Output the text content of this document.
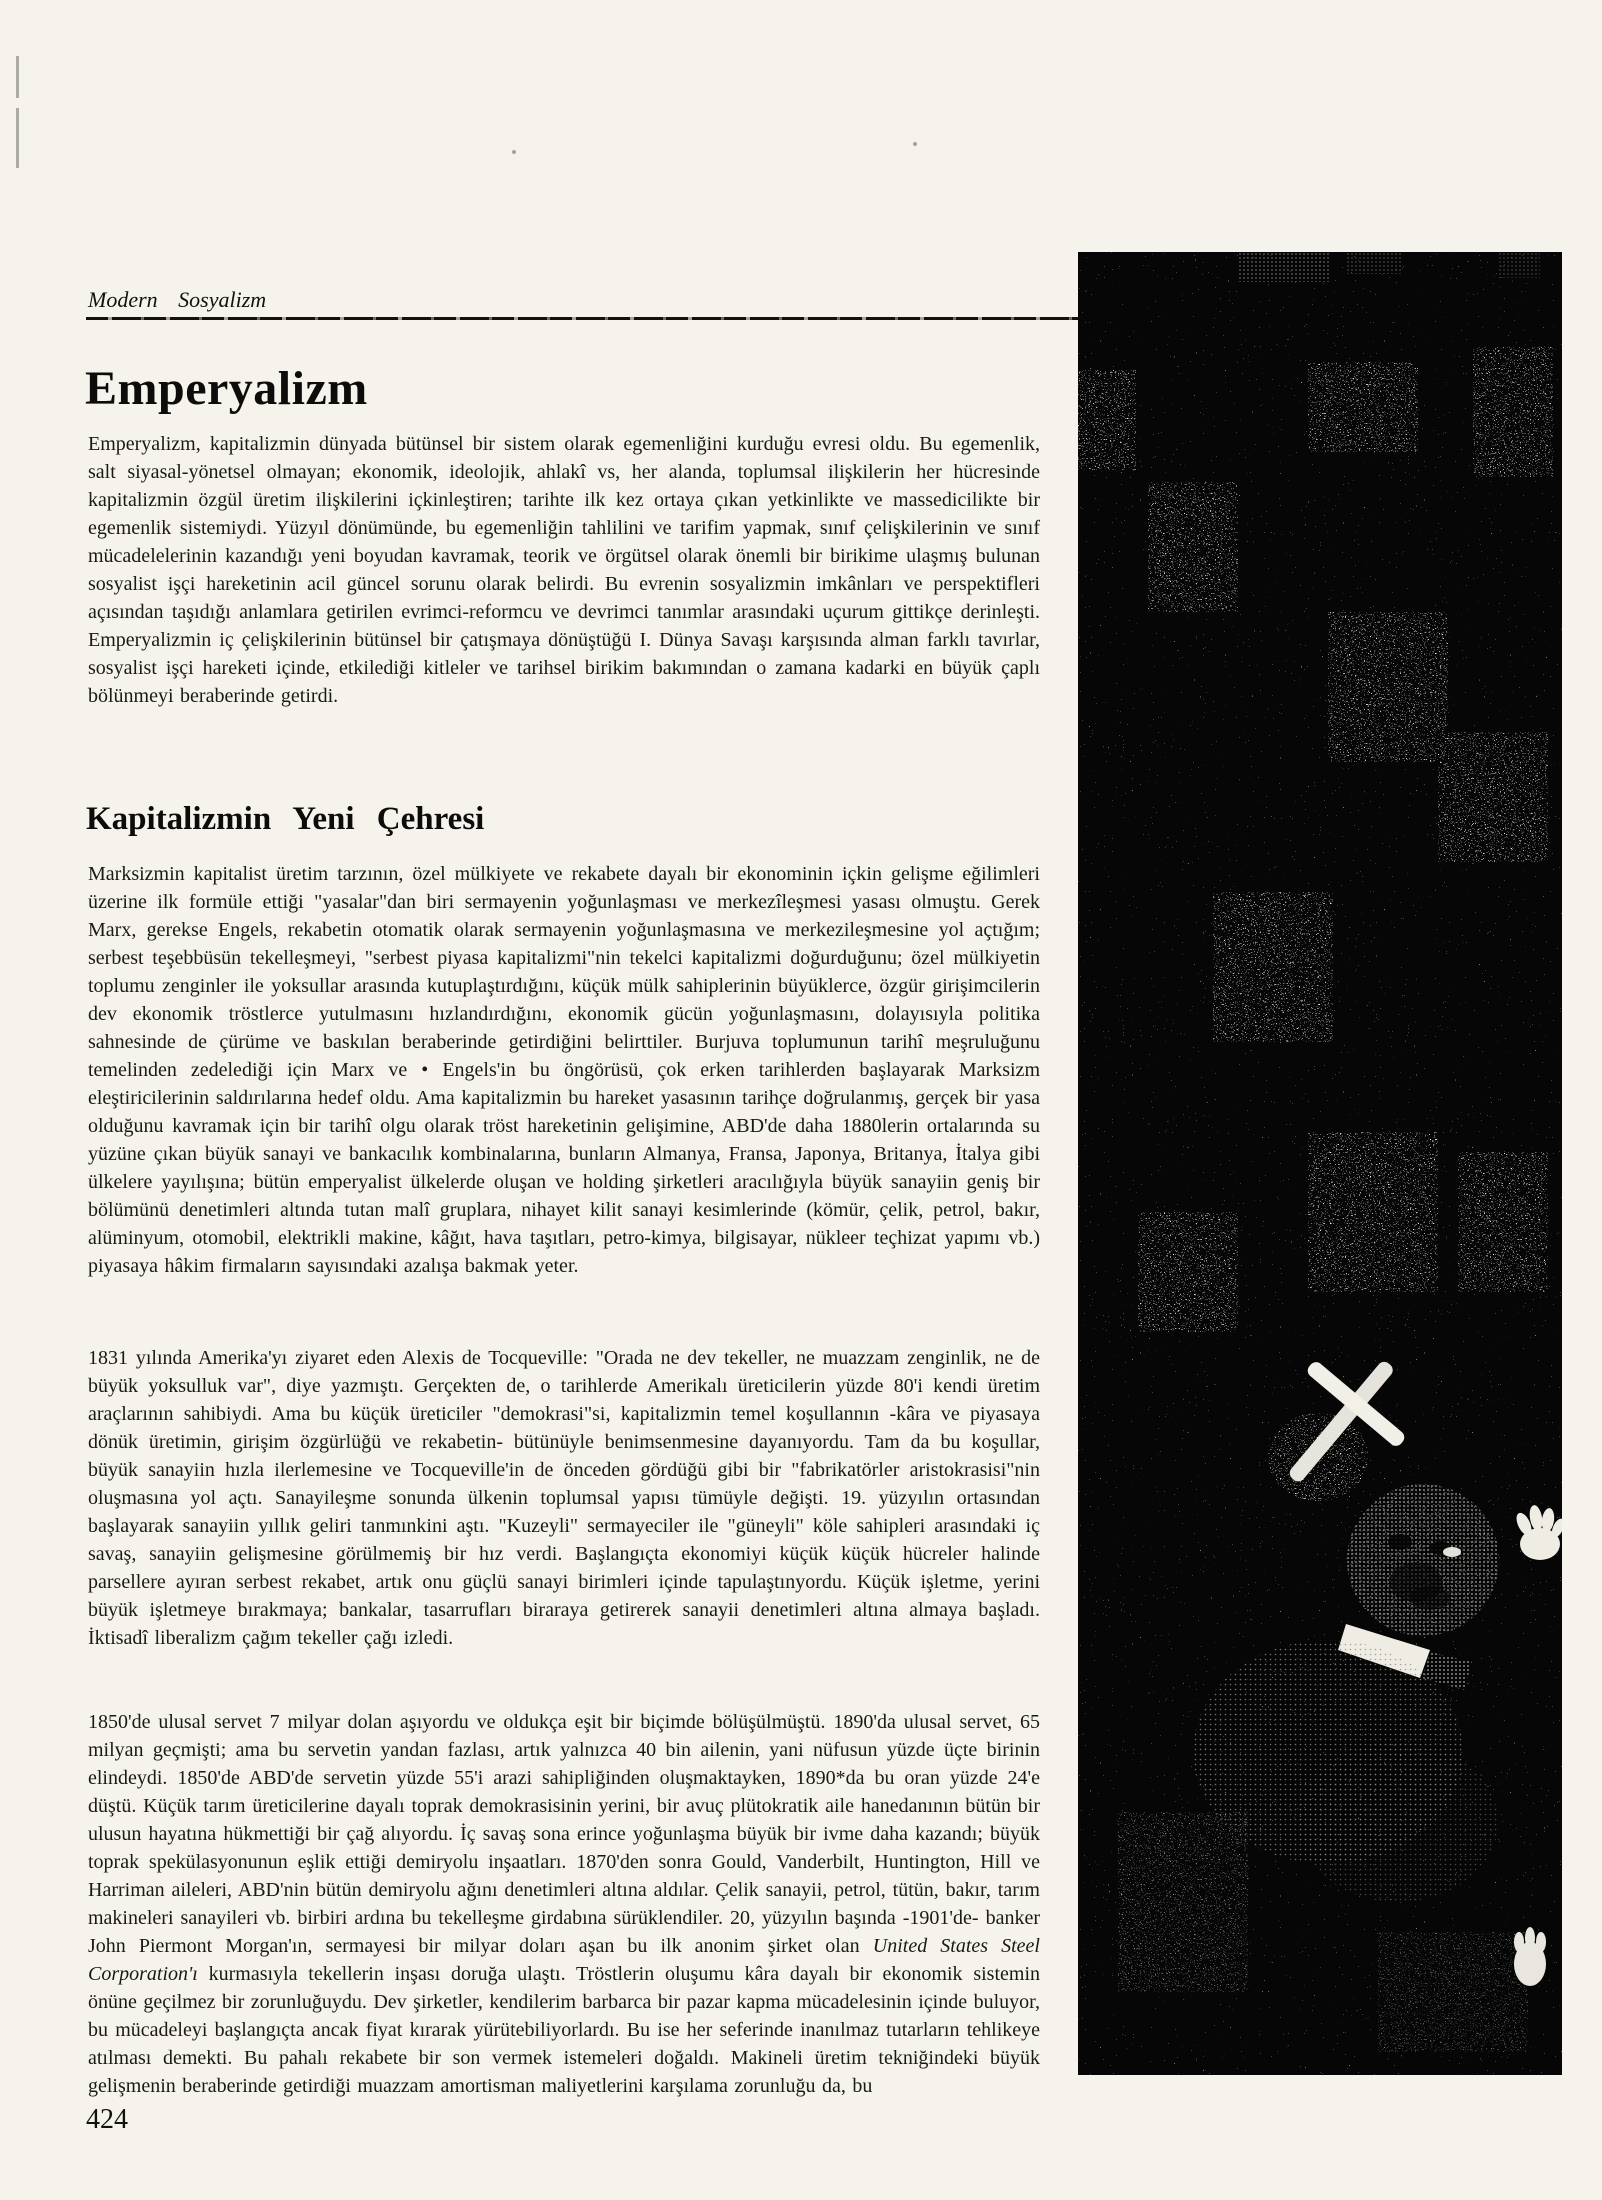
Modern Sosyalizm
Emperyalizm

Emperyalizm, kapitalizmin dünyada bütünsel bir sistem olarak egemenliğini kurduğu evresi oldu. Bu egemenlik, salt siyasal-yönetsel olmayan; ekonomik, ideolojik, ahlakî vs, her alanda, toplumsal ilişkilerin her hücresinde kapitalizmin özgül üretim ilişkilerini içkinleştiren; tarihte ilk kez ortaya çıkan yetkinlikte ve massedicilikte bir egemenlik sistemiydi. Yüzyıl dönümünde, bu egemenliğin tahlilini ve tarifim yapmak, sınıf çelişkilerinin ve sınıf mücadelelerinin kazandığı yeni boyudan kavramak, teorik ve örgütsel olarak önemli bir birikime ulaşmış bulunan sosyalist işçi hareketinin acil güncel sorunu olarak belirdi. Bu evrenin sosyalizmin imkânları ve perspektifleri açısından taşıdığı anlamlara getirilen evrimci-reformcu ve devrimci tanımlar arasındaki uçurum gittikçe derinleşti. Emperyalizmin iç çelişkilerinin bütünsel bir çatışmaya dönüştüğü I. Dünya Savaşı karşısında alman farklı tavırlar, sosyalist işçi hareketi içinde, etkilediği kitleler ve tarihsel birikim bakımından o zamana kadarki en büyük çaplı bölünmeyi beraberinde getirdi.

Kapitalizmin Yeni Çehresi

Marksizmin kapitalist üretim tarzının, özel mülkiyete ve rekabete dayalı bir ekonominin içkin gelişme eğilimleri üzerine ilk formüle ettiği "yasalar"dan biri sermayenin yoğunlaşması ve merkezîleşmesi yasası olmuştu. Gerek Marx, gerekse Engels, rekabetin otomatik olarak sermayenin yoğunlaşmasına ve merkezileşmesine yol açtığım; serbest teşebbüsün tekelleşmeyi, "serbest piyasa kapitalizmi"nin tekelci kapitalizmi doğurduğunu; özel mülkiyetin toplumu zenginler ile yoksullar arasında kutuplaştırdığını, küçük mülk sahiplerinin büyüklerce, özgür girişimcilerin dev ekonomik tröstlerce yutulmasını hızlandırdığını, ekonomik gücün yoğunlaşmasını, dolayısıyla politika sahnesinde de çürüme ve baskılan beraberinde getirdiğini belirttiler. Burjuva toplumunun tarihî meşruluğunu temelinden zedelediği için Marx ve • Engels'in bu öngörüsü, çok erken tarihlerden başlayarak Marksizm eleştiricilerinin saldırılarına hedef oldu. Ama kapitalizmin bu hareket yasasının tarihçe doğrulanmış, gerçek bir yasa olduğunu kavramak için bir tarihî olgu olarak tröst hareketinin gelişimine, ABD'de daha 1880lerin ortalarında su yüzüne çıkan büyük sanayi ve bankacılık kombinalarına, bunların Almanya, Fransa, Japonya, Britanya, İtalya gibi ülkelere yayılışına; bütün emperyalist ülkelerde oluşan ve holding şirketleri aracılığıyla büyük sanayiin geniş bir bölümünü denetimleri altında tutan malî gruplara, nihayet kilit sanayi kesimlerinde (kömür, çelik, petrol, bakır, alüminyum, otomobil, elektrikli makine, kâğıt, hava taşıtları, petro-kimya, bilgisayar, nükleer teçhizat yapımı vb.) piyasaya hâkim firmaların sayısındaki azalışa bakmak yeter.

1831 yılında Amerika'yı ziyaret eden Alexis de Tocqueville: "Orada ne dev tekeller, ne muazzam zenginlik, ne de büyük yoksulluk var", diye yazmıştı. Gerçekten de, o tarihlerde Amerikalı üreticilerin yüzde 80'i kendi üretim araçlarının sahibiydi. Ama bu küçük üreticiler "demokrasi"si, kapitalizmin temel koşullannın -kâra ve piyasaya dönük üretimin, girişim özgürlüğü ve rekabetin- bütünüyle benimsenmesine dayanıyordu. Tam da bu koşullar, büyük sanayiin hızla ilerlemesine ve Tocqueville'in de önceden gördüğü gibi bir "fabrikatörler aristokrasisi"nin oluşmasına yol açtı. Sanayileşme sonunda ülkenin toplumsal yapısı tümüyle değişti. 19. yüzyılın ortasından başlayarak sanayiin yıllık geliri tanmınkini aştı. "Kuzeyli" sermayeciler ile "güneyli" köle sahipleri arasındaki iç savaş, sanayiin gelişmesine görülmemiş bir hız verdi. Başlangıçta ekonomiyi küçük küçük hücreler halinde parsellere ayıran serbest rekabet, artık onu güçlü sanayi birimleri içinde tapulaştınyordu. Küçük işletme, yerini büyük işletmeye bırakmaya; bankalar, tasarrufları biraraya getirerek sanayii denetimleri altına almaya başladı. İktisadî liberalizm çağım tekeller çağı izledi.

1850'de ulusal servet 7 milyar dolan aşıyordu ve oldukça eşit bir biçimde bölüşülmüştü. 1890'da ulusal servet, 65 milyan geçmişti; ama bu servetin yandan fazlası, artık yalnızca 40 bin ailenin, yani nüfusun yüzde üçte birinin elindeydi. 1850'de ABD'de servetin yüzde 55'i arazi sahipliğinden oluşmaktayken, 1890*da bu oran yüzde 24'e düştü. Küçük tarım üreticilerine dayalı toprak demokrasisinin yerini, bir avuç plütokratik aile hanedanının bütün bir ulusun hayatına hükmettiği bir çağ alıyordu. İç savaş sona erince yoğunlaşma büyük bir ivme daha kazandı; büyük toprak spekülasyonunun eşlik ettiği demiryolu inşaatları. 1870'den sonra Gould, Vanderbilt, Huntington, Hill ve Harriman aileleri, ABD'nin bütün demiryolu ağını denetimleri altına aldılar. Çelik sanayii, petrol, tütün, bakır, tarım makineleri sanayileri vb. birbiri ardına bu tekelleşme girdabına sürüklendiler. 20, yüzyılın başında -1901'de- banker John Piermont Morgan'ın, sermayesi bir milyar doları aşan bu ilk anonim şirket olan United States Steel Corporation'ı kurmasıyla tekellerin inşası doruğa ulaştı. Tröstlerin oluşumu kâra dayalı bir ekonomik sistemin önüne geçilmez bir zorunluğuydu. Dev şirketler, kendilerim barbarca bir pazar kapma mücadelesinin içinde buluyor, bu mücadeleyi başlangıçta ancak fiyat kırarak yürütebiliyorlardı. Bu ise her seferinde inanılmaz tutarların tehlikeye atılması demekti. Bu pahalı rekabete bir son vermek istemeleri doğaldı. Makineli üretim tekniğindeki büyük gelişmenin beraberinde getirdiği muazzam amortisman maliyetlerini karşılama zorunluğu da, bu

424
